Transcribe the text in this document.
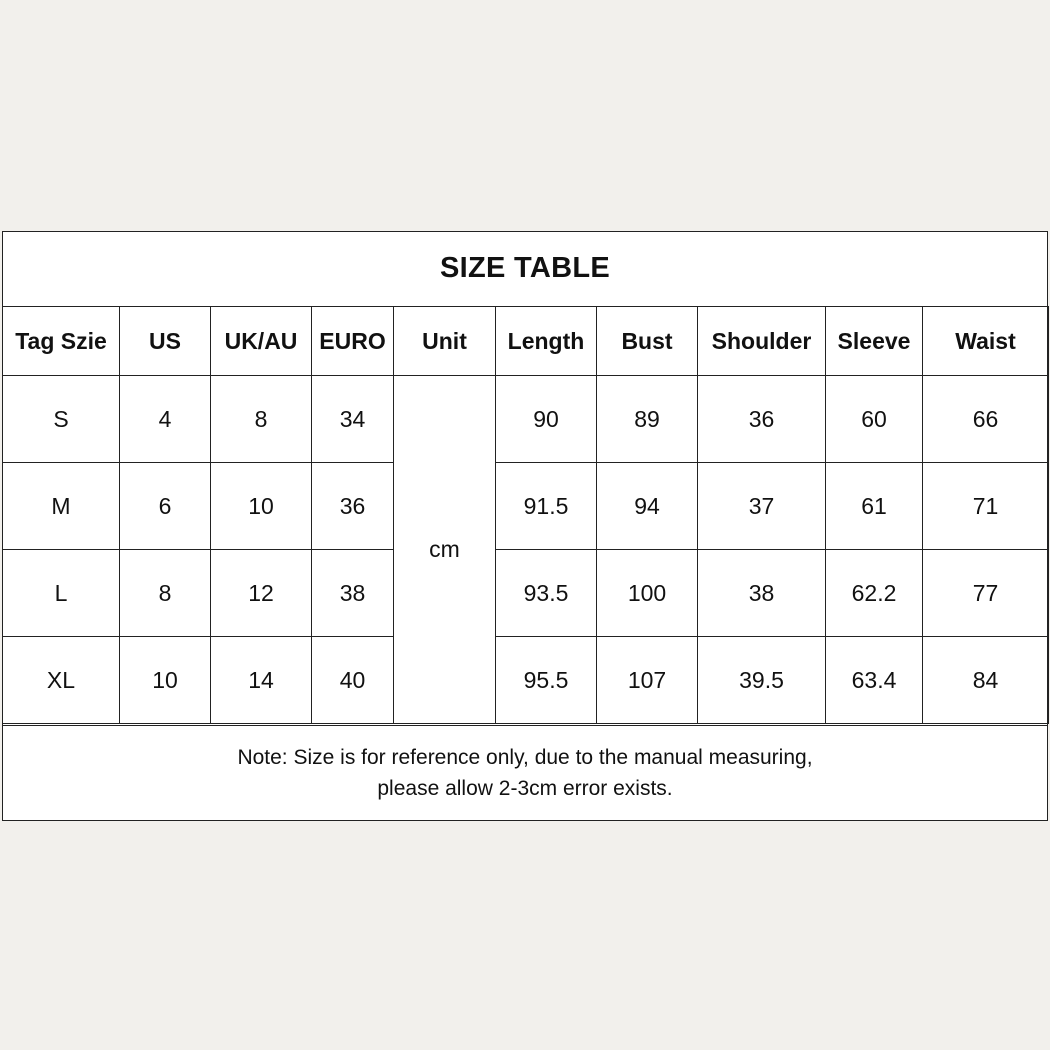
SIZE TABLE
Tag Szie	US	UK/AU	EURO	Unit	Length	Bust	Shoulder	Sleeve	Waist
S	4	8	34	cm	90	89	36	60	66
M	6	10	36		91.5	94	37	61	71
L	8	12	38		93.5	100	38	62.2	77
XL	10	14	40		95.5	107	39.5	63.4	84
Note: Size is for reference only, due to the manual measuring,
please allow 2-3cm error exists.
